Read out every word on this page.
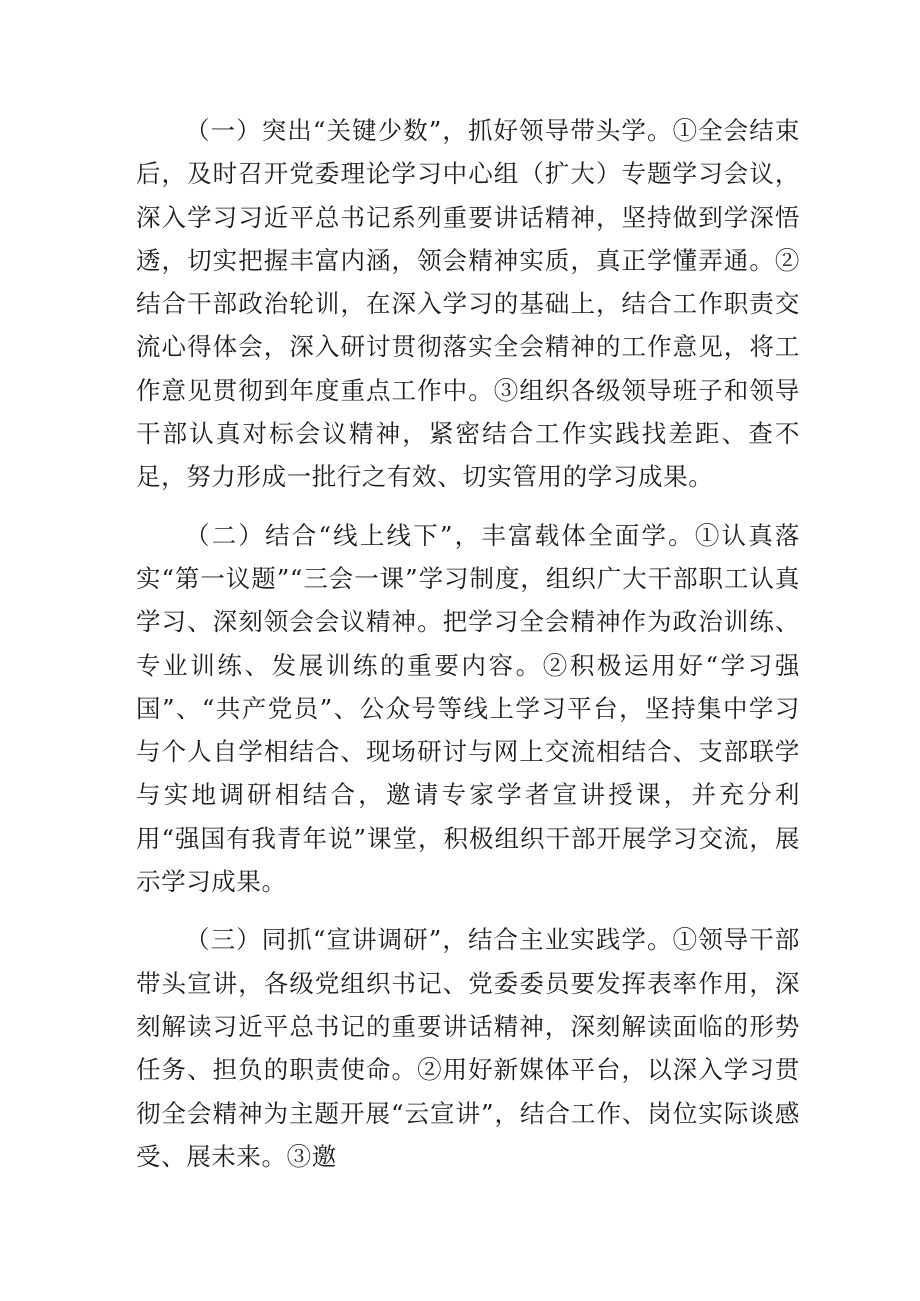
（一）突出“关键少数”，抓好领导带头学。①全会结束后，及时召开党委理论学习中心组（扩大）专题学习会议，深入学习习近平总书记系列重要讲话精神，坚持做到学深悟透，切实把握丰富内涵，领会精神实质，真正学懂弄通。②结合干部政治轮训，在深入学习的基础上，结合工作职责交流心得体会，深入研讨贯彻落实全会精神的工作意见，将工作意见贯彻到年度重点工作中。③组织各级领导班子和领导干部认真对标会议精神，紧密结合工作实践找差距、查不足，努力形成一批行之有效、切实管用的学习成果。

（二）结合“线上线下”，丰富载体全面学。①认真落实“第一议题”“三会一课”学习制度，组织广大干部职工认真学习、深刻领会会议精神。把学习全会精神作为政治训练、专业训练、发展训练的重要内容。②积极运用好“学习强国”、“共产党员”、公众号等线上学习平台，坚持集中学习与个人自学相结合、现场研讨与网上交流相结合、支部联学与实地调研相结合，邀请专家学者宣讲授课，并充分利用“强国有我青年说”课堂，积极组织干部开展学习交流，展示学习成果。

（三）同抓“宣讲调研”，结合主业实践学。①领导干部带头宣讲，各级党组织书记、党委委员要发挥表率作用，深刻解读习近平总书记的重要讲话精神，深刻解读面临的形势任务、担负的职责使命。②用好新媒体平台，以深入学习贯彻全会精神为主题开展“云宣讲”，结合工作、岗位实际谈感受、展未来。③邀
